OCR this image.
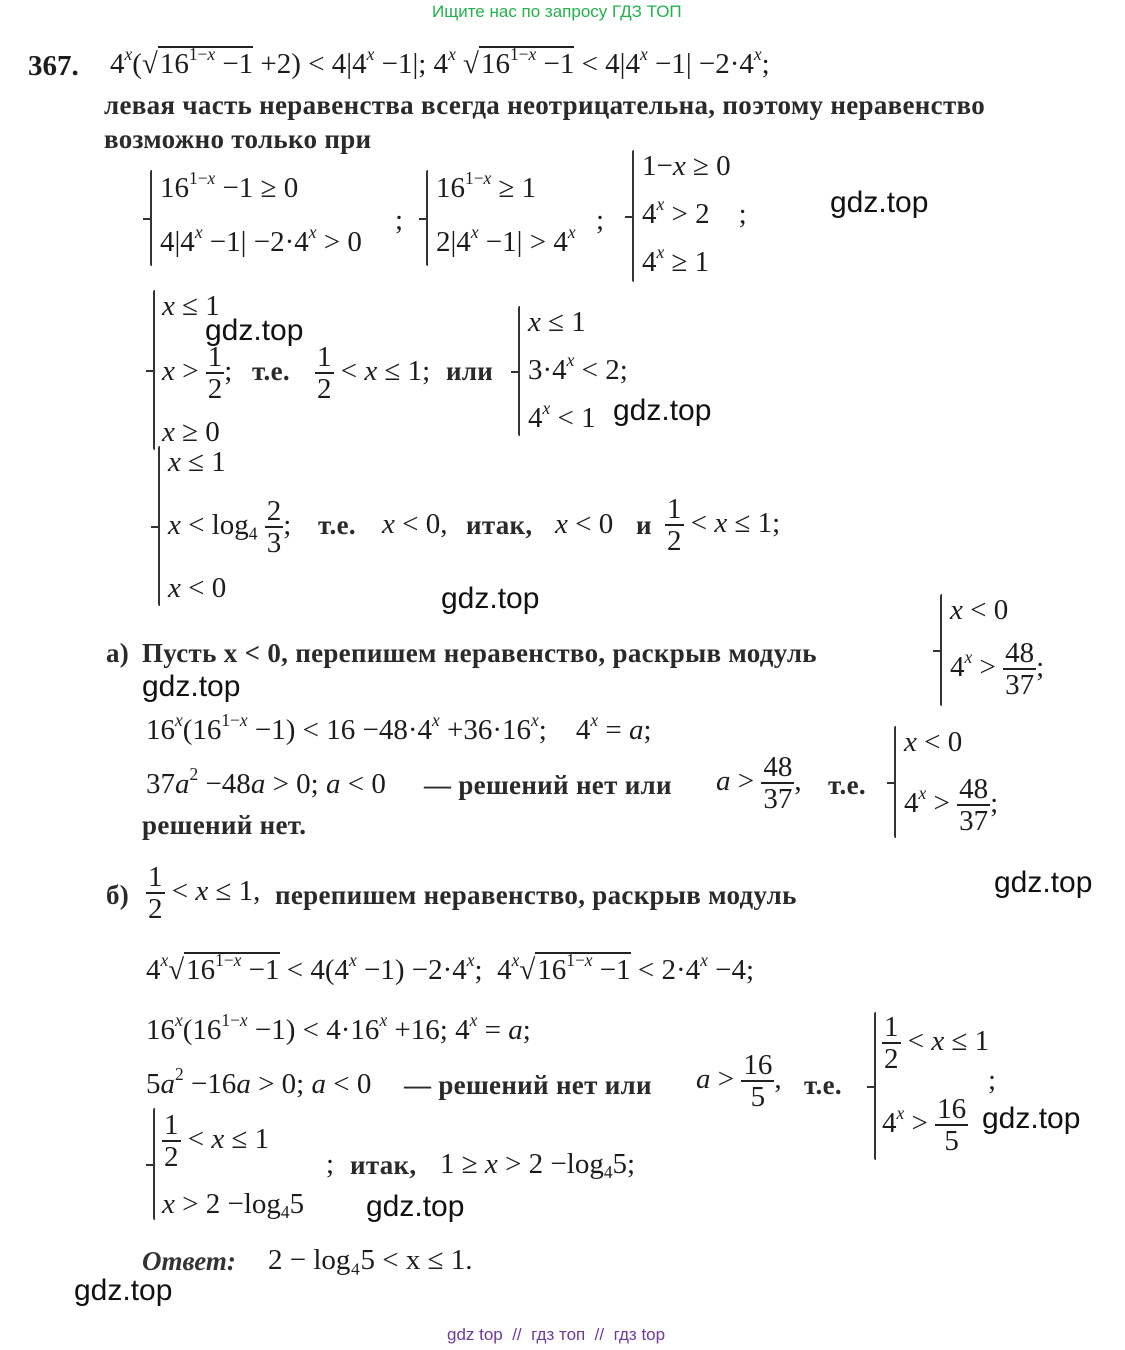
Ищите нас по запросу ГДЗ ТОП
367. $4^x(√16^{1-x} -1 +2) < 4|4^x -1|$; 4$^x$ $√16^{1-x} -1 < 4|4^x -1| -2\cdot 4^x$;
левая часть неравенства всегда неотрицательна, поэтому неравенство
возможно только при
$16^{1-x} -1 \ge 0$
$4|4^x -1| -2\cdot 4^x > 0$
;
$16^{1-x} \ge 1$
$2|4^x -1| > 4^x$ ;
1−x ≥ 0
$4^x > 2$    ;
$4^x \ge 1$
gdz.top
x ≤ 1
$x > \frac{1}{2}$ ;
x ≥ 0
gdz.top
т.е. $\frac{1}{2} < x \le 1$; или
x ≤ 1
$3\cdot 4^x < 2$;
$4^x < 1$ gdz.top
x ≤ 1
$x < \log_4 \frac{2}{3}$ ;
x < 0
т.е. x < 0, итак, x < 0 и $\frac{1}{2} < x \le 1$;
gdz.top
а) Пусть x < 0, перепишем неравенство, раскрыв модуль
x < 0
$4^x > \frac{48}{37}$ ;
gdz.top
$16^x(16^{1-x} -1) < 16 -48\cdot 4^x +36\cdot 16^x$;    $4^x = a$;
$37a^2 -48a > 0$; a < 0 — решений нет или $a > \frac{48}{37}$ , т.е.
решений нет.
x < 0
$4^x > \frac{48}{37}$ ;
$б) \frac{1}{2} < x \le 1$, перепишем неравенство, раскрыв модуль	gdz.top
$4^x√16^{1-x} -1 < 4(4^x -1) -2\cdot 4^x$;  $4^x√16^{1-x} -1 < 2\cdot 4^x -4$;
$16^x(16^{1-x} -1) < 4\cdot 16^x +16$; $4^x = a$;
$5a^2 -16a > 0$; a < 0 — решений нет или $a > \frac{16}{5}$ , т.е.
$\frac{1}{2} < x \le 1$
;
$4^x > \frac{16}{5} gdz.top$
$\frac{1}{2} < x \le 1$
$x > 2 -\log_45$
; итак, $1 \ge x > 2 -\log_45$;
gdz.top
Ответ: 2 − log₄5 < x ≤ 1.
gdz.top
gdz top  //  гдз топ  //  гдз top
